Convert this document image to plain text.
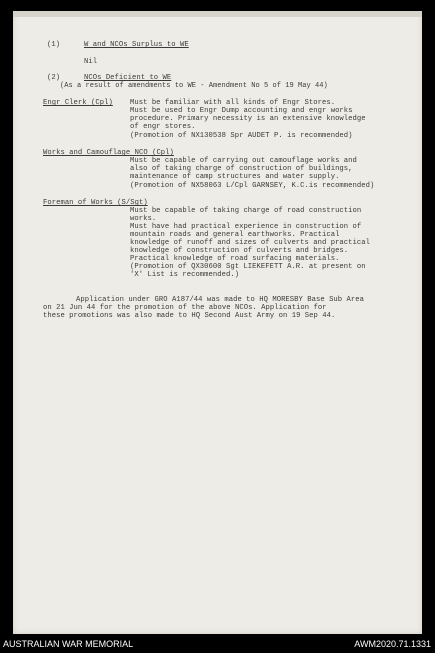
(1)	W and NCOs Surplus to WE
Nil
(2)	NCOs Deficient to WE
(As a result of amendments to WE - Amendment No 5 of 19 May 44)
Engr Clerk (Cpl) Must be familiar with all kinds of Engr Stores.
Must be used to Engr Dump accounting and engr works
procedure. Primary necessity is an extensive knowledge
of engr stores.
(Promotion of NX130538 Spr AUDET P. is recommended)
Works and Camouflage NCO (Cpl)
Must be capable of carrying out camouflage works and
also of taking charge of construction of buildings,
maintenance of camp structures and water supply.
(Promotion of NX58063 L/Cpl GARNSEY, K.C.is recommended)
Foreman of Works (S/Sgt)
Must be capable of taking charge of road construction
works.
Must have had practical experience in construction of
mountain roads and general earthworks. Practical
knowledge of runoff and sizes of culverts and practical
knowledge of construction of culverts and bridges.
Practical knowledge of road surfacing materials.
(Promotion of QX30600 Sgt LIEKEFETT A.R. at present on
'X' List is recommended.)
Application under GRO A187/44 was made to HQ MORESBY Base Sub Area
on 21 Jun 44 for the promotion of the above NCOs. Application for
these promotions was also made to HQ Second Aust Army on 19 Sep 44.
AUSTRALIAN WAR MEMORIAL	AWM2020.71.1331
